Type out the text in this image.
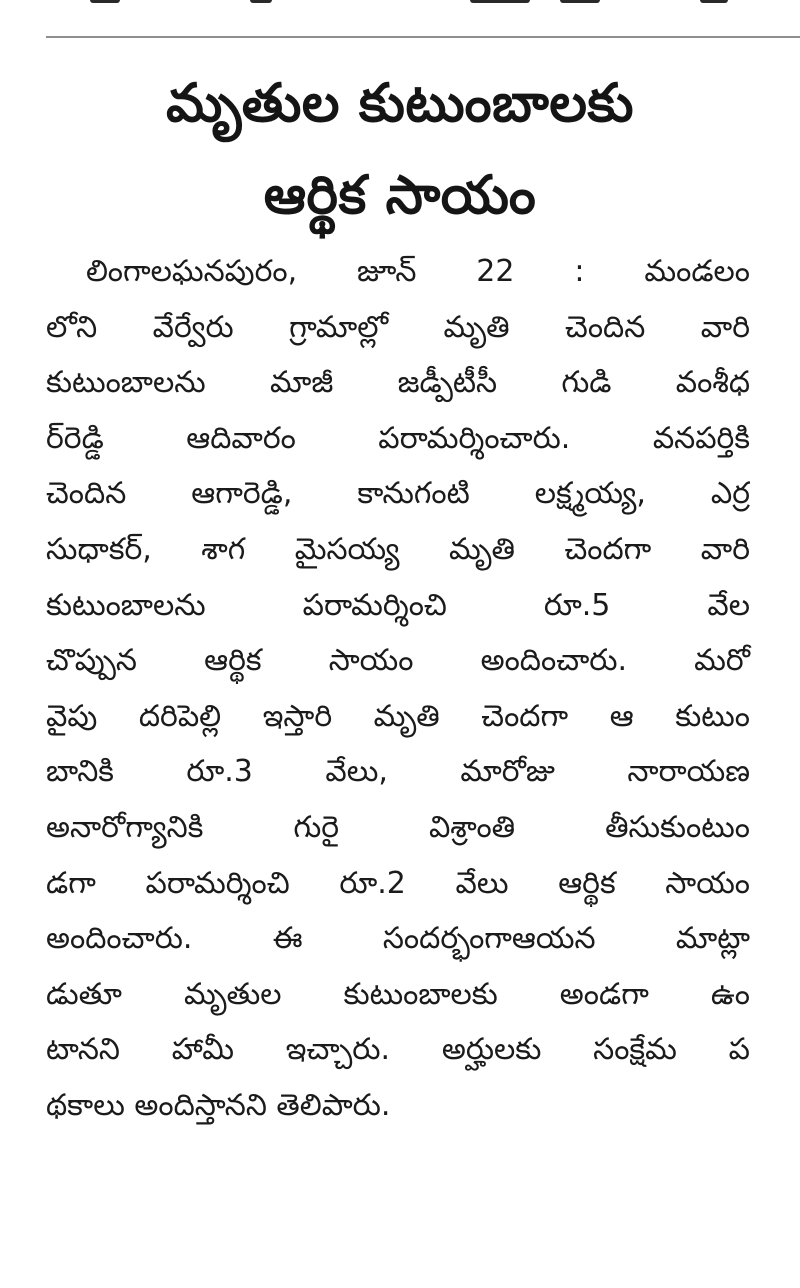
మృతుల కుటుంబాలకు
ఆర్థిక సాయం
లింగాలఘనపురం, జూన్ 22 : మండలం
లోని వేర్వేరు గ్రామాల్లో మృతి చెందిన వారి
కుటుంబాలను మాజీ జడ్పీటీసీ గుడి వంశీధ
ర్‌రెడ్డి ఆదివారం పరామర్శించారు. వనపర్తికి
చెందిన ఆగారెడ్డి, కానుగంటి లక్ష్మయ్య, ఎర్ర
సుధాకర్, శాగ మైసయ్య మృతి చెందగా వారి
కుటుంబాలను పరామర్శించి రూ.5 వేల
చొప్పున ఆర్థిక సాయం అందించారు. మరో
వైపు దరిపెల్లి ఇస్తారి మృతి చెందగా ఆ కుటుం
బానికి రూ.3 వేలు, మారోజు నారాయణ
అనారోగ్యానికి గురై విశ్రాంతి తీసుకుంటుం
డగా పరామర్శించి రూ.2 వేలు ఆర్థిక సాయం
అందించారు. ఈ సందర్భంగాఆయన మాట్లా
డుతూ మృతుల కుటుంబాలకు అండగా ఉం
టానని హామీ ఇచ్చారు. అర్హులకు సంక్షేమ ప
థకాలు అందిస్తానని తెలిపారు.
